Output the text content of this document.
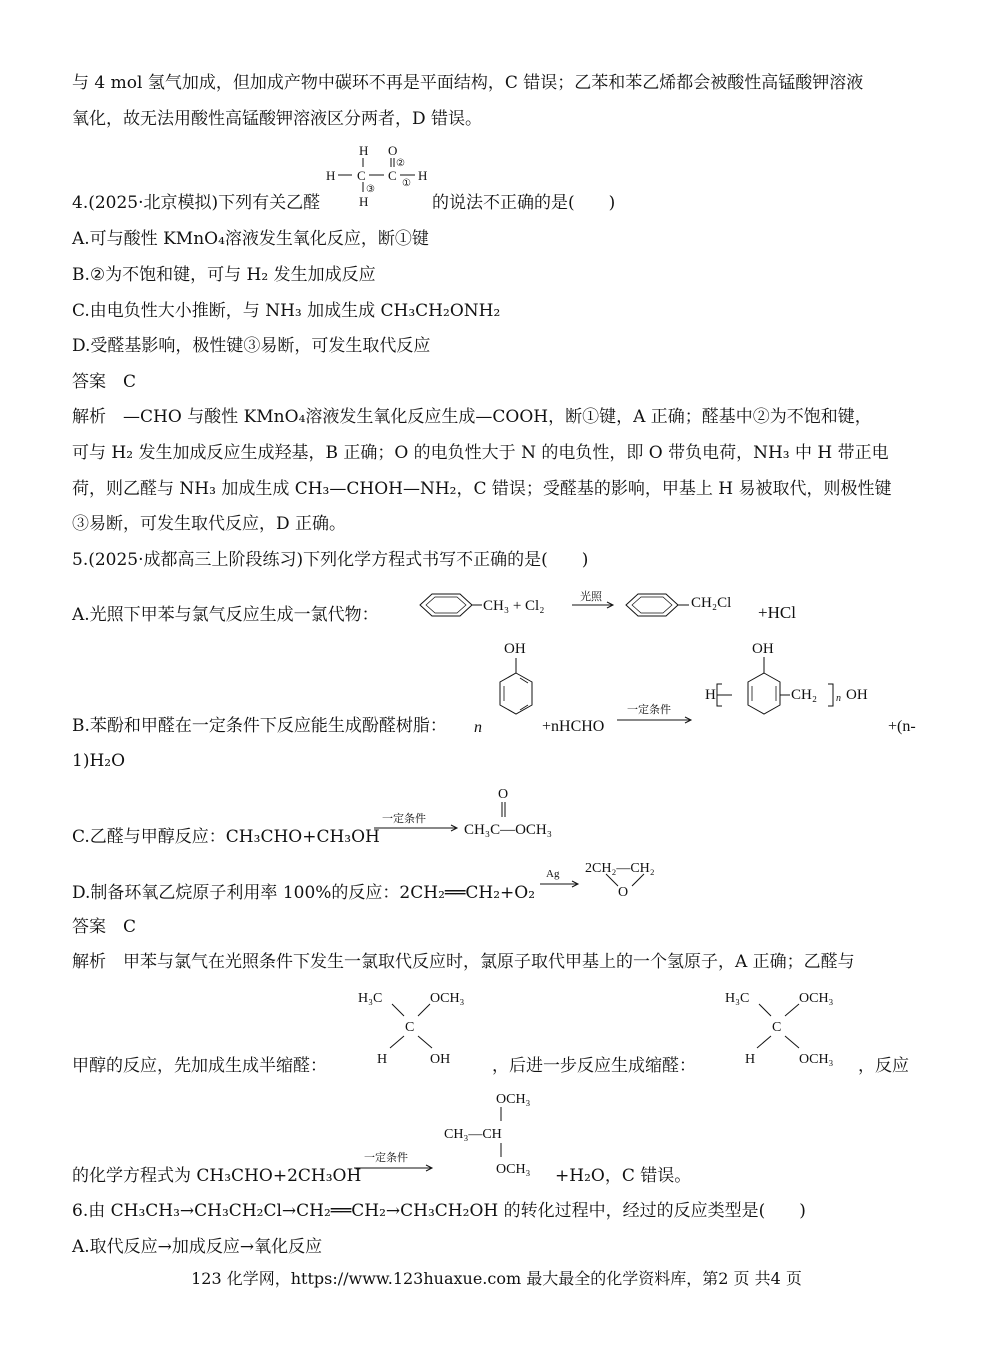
与 4 mol 氢气加成，但加成产物中碳环不再是平面结构，C 错误；乙苯和苯乙烯都会被酸性高锰酸钾溶液
氧化，故无法用酸性高锰酸钾溶液区分两者，D 错误。
4.(2025·北京模拟)下列有关乙醛
H
H C C
O
②
①
H
③
H	的说法不正确的是(　　)
A.可与酸性 KMnO₄溶液发生氧化反应，断①键
B.②为不饱和键，可与 H₂ 发生加成反应
C.由电负性大小推断，与 NH₃ 加成生成 CH₃CH₂ONH₂
D.受醛基影响，极性键③易断，可发生取代反应
答案　C
解析　—CHO 与酸性 KMnO₄溶液发生氧化反应生成—COOH，断①键，A 正确；醛基中②为不饱和键，
可与 H₂ 发生加成反应生成羟基，B 正确；O 的电负性大于 N 的电负性，即 O 带负电荷，NH₃ 中 H 带正电
荷，则乙醛与 NH₃ 加成生成 CH₃—CHOH—NH₂，C 错误；受醛基的影响，甲基上 H 易被取代，则极性键
③易断，可发生取代反应，D 正确。
5.(2025·成都高三上阶段练习)下列化学方程式书写不正确的是(　　)
A.光照下甲苯与氯气反应生成一氯代物：	CH₃ + Cl₂
光照	CH₂Cl +HCl
B.苯酚和甲醛在一定条件下反应能生成酚醛树脂： n
OH
+nHCHO
一定条件
OH
H	CH₂ n OH
+(n-
1)H₂O
C.乙醛与甲醇反应：CH₃CHO+CH₃OH
一定条件
O
CH₃C—OCH₃
D.制备环氧乙烷原子利用率 100%的反应：2CH₂══CH₂+O₂
Ag 2CH₂—CH₂
O
答案　C
解析　甲苯与氯气在光照条件下发生一氯取代反应时，氯原子取代甲基上的一个氢原子，A 正确；乙醛与
甲醇的反应，先加成生成半缩醛：
H₃C	OCH₃
C
H	OH ，后进一步反应生成缩醛：
H₃C	OCH₃
C
H	OCH₃ ，反应
的化学方程式为 CH₃CHO+2CH₃OH
一定条件
OCH₃
CH₃—CH
OCH₃ +H₂O，C 错误。
6.由 CH₃CH₃→CH₃CH₂Cl→CH₂══CH₂→CH₃CH₂OH 的转化过程中，经过的反应类型是(　　)
A.取代反应→加成反应→氧化反应
123 化学网，https://www.123huaxue.com 最大最全的化学资料库，第2 页 共4 页
